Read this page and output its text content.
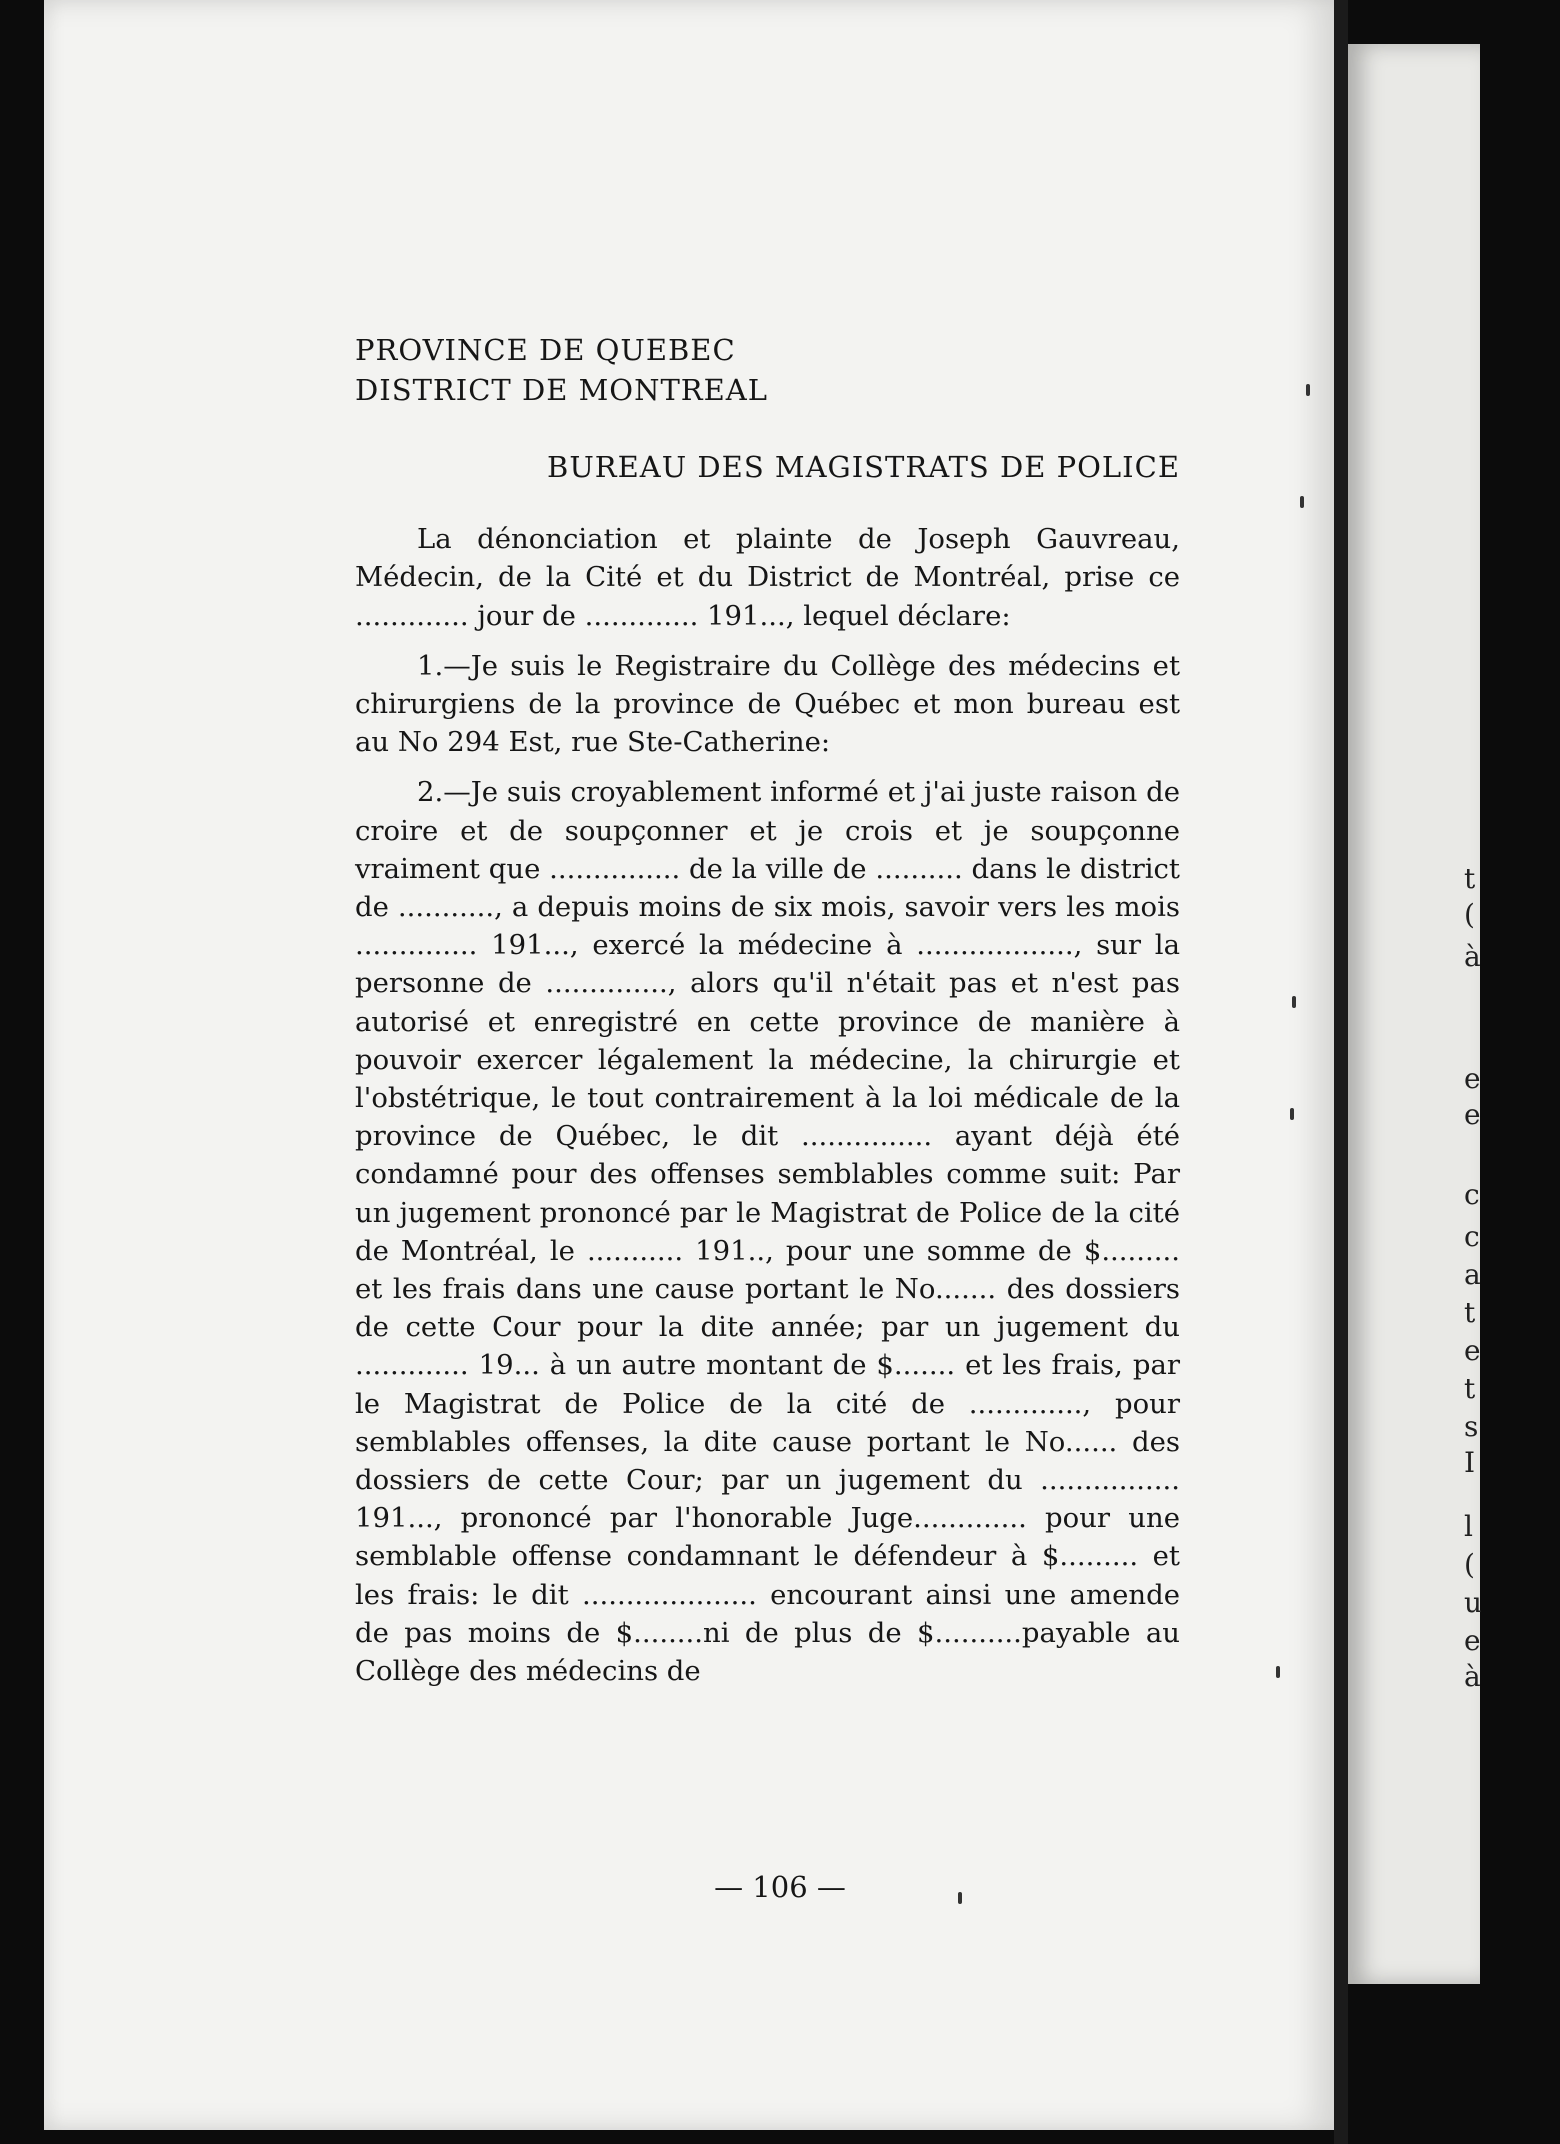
t
(
à
e
e
c
c
a
t
e
t
s
I
l
(
u
e
à
PROVINCE DE QUEBEC
DISTRICT DE MONTREAL
BUREAU DES MAGISTRATS DE POLICE

La dénonciation et plainte de Joseph Gauvreau, Médecin, de la Cité et du District de Montréal, prise ce ............. jour de ............. 191..., lequel déclare:

1.—Je suis le Registraire du Collège des médecins et chirurgiens de la province de Québec et mon bureau est au No 294 Est, rue Ste-Catherine:

2.—Je suis croyablement informé et j'ai juste raison de croire et de soupçonner et je crois et je soupçonne vraiment que ............... de la ville de .......... dans le district de ..........., a depuis moins de six mois, savoir vers les mois .............. 191..., exercé la médecine à .................., sur la personne de .............., alors qu'il n'était pas et n'est pas autorisé et enregistré en cette province de manière à pouvoir exercer légalement la médecine, la chirurgie et l'obstétrique, le tout contrairement à la loi médicale de la province de Québec, le dit ............... ayant déjà été condamné pour des offenses semblables comme suit: Par un jugement prononcé par le Magistrat de Police de la cité de Montréal, le ........... 191.., pour une somme de $......... et les frais dans une cause portant le No....... des dossiers de cette Cour pour la dite année; par un jugement du ............. 19... à un autre montant de $....... et les frais, par le Magistrat de Police de la cité de ............., pour semblables offenses, la dite cause portant le No...... des dossiers de cette Cour; par un jugement du ................ 191..., prononcé par l'honorable Juge............. pour une semblable offense condamnant le défendeur à $......... et les frais: le dit .................... encourant ainsi une amende de pas moins de $........ni de plus de $..........payable au Collège des médecins de

— 106 —
